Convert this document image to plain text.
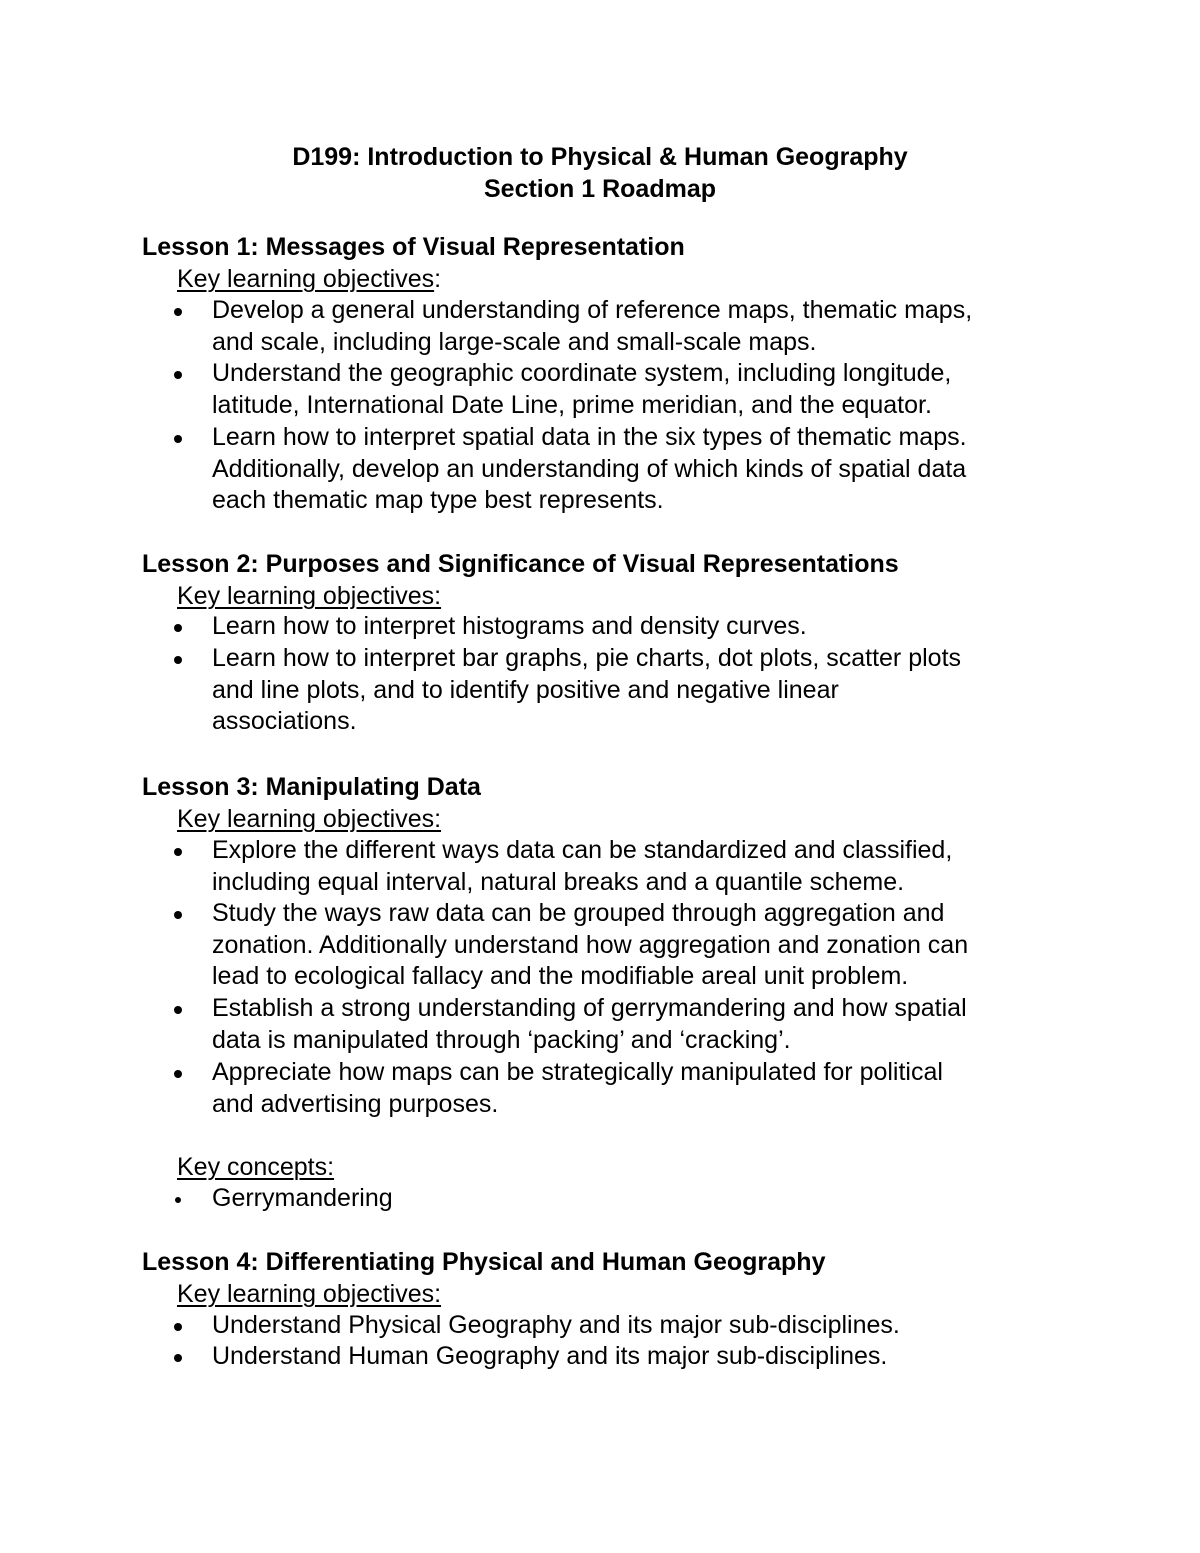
D199: Introduction to Physical & Human Geography
Section 1 Roadmap
Lesson 1: Messages of Visual Representation
Key learning objectives:
Develop a general understanding of reference maps, thematic maps,
and scale, including large-scale and small-scale maps.
Understand the geographic coordinate system, including longitude,
latitude, International Date Line, prime meridian, and the equator.
Learn how to interpret spatial data in the six types of thematic maps.
Additionally, develop an understanding of which kinds of spatial data
each thematic map type best represents.
Lesson 2: Purposes and Significance of Visual Representations
Key learning objectives:
Learn how to interpret histograms and density curves.
Learn how to interpret bar graphs, pie charts, dot plots, scatter plots
and line plots, and to identify positive and negative linear
associations.
Lesson 3: Manipulating Data
Key learning objectives:
Explore the different ways data can be standardized and classified,
including equal interval, natural breaks and a quantile scheme.
Study the ways raw data can be grouped through aggregation and
zonation. Additionally understand how aggregation and zonation can
lead to ecological fallacy and the modifiable areal unit problem.
Establish a strong understanding of gerrymandering and how spatial
data is manipulated through ‘packing’ and ‘cracking’.
Appreciate how maps can be strategically manipulated for political
and advertising purposes.
Key concepts:
Gerrymandering
Lesson 4: Differentiating Physical and Human Geography
Key learning objectives:
Understand Physical Geography and its major sub-disciplines.
Understand Human Geography and its major sub-disciplines.
